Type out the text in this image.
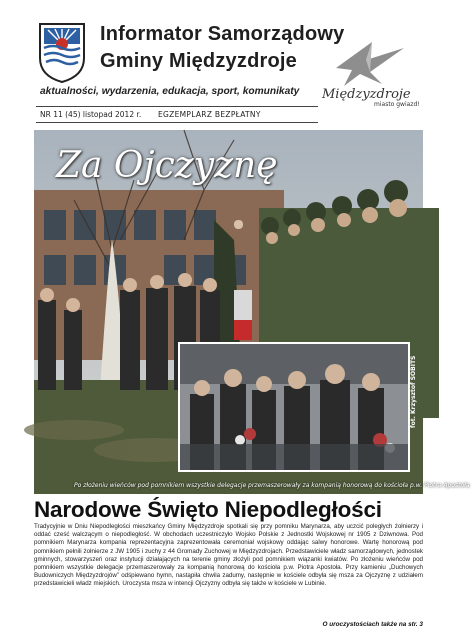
Informator Samorządowy
Gminy Międzyzdroje
Międzyzdroje
miasto gwiazd!
aktualności, wydarzenia, edukacja, sport, komunikaty
NR 11 (45) listopad 2012 r. EGZEMPLARZ BEZPŁATNY
Za Ojczyznę
fot. Krzysztof SOBITS
Po złożeniu wieńców pod pomnikiem wszystkie delegacje przemaszerowały za kompanią honorową do kościoła p.w. Piotra Apostoła.
Narodowe Święto Niepodległości

Tradycyjnie w Dniu Niepodległości mieszkańcy Gminy Międzyzdroje spotkali się przy pomniku Marynarza, aby uczcić poległych żołnierzy i oddać cześć walczącym o niepodległość. W obchodach uczestniczyło Wojsko Polskie z Jednostki Wojskowej nr 1905 z Dziwnowa. Pod pomnikiem Marynarza kompania reprezentacyjna zaprezentowała ceremoniał wojskowy oddając salwy honorowe. Wartę honorową pod pomnikiem pełnili żołnierze z JW 1905 i zuchy z 44 Gromady Zuchowej w Międzyzdrojach. Przedstawiciele władz samorządowych, jednostek gminnych, stowarzyszeń oraz instytucji działających na terenie gminy złożyli pod pomnikiem wiązanki kwiatów. Po złożeniu wieńców pod pomnikiem wszystkie delegacje przemaszerowały za kompanią honorową do kościoła p.w. Piotra Apostoła. Przy kamieniu „Duchowych Budowniczych Międzyzdrojów” odśpiewano hymn, nastąpiła chwila zadumy, następnie w kościele odbyła się msza za Ojczyznę z udziałem przedstawicieli władz miejskich. Uroczysta msza w intencji Ojczyzny odbyła się także w kościele w Lubinie.

O uroczystościach także na str. 3
